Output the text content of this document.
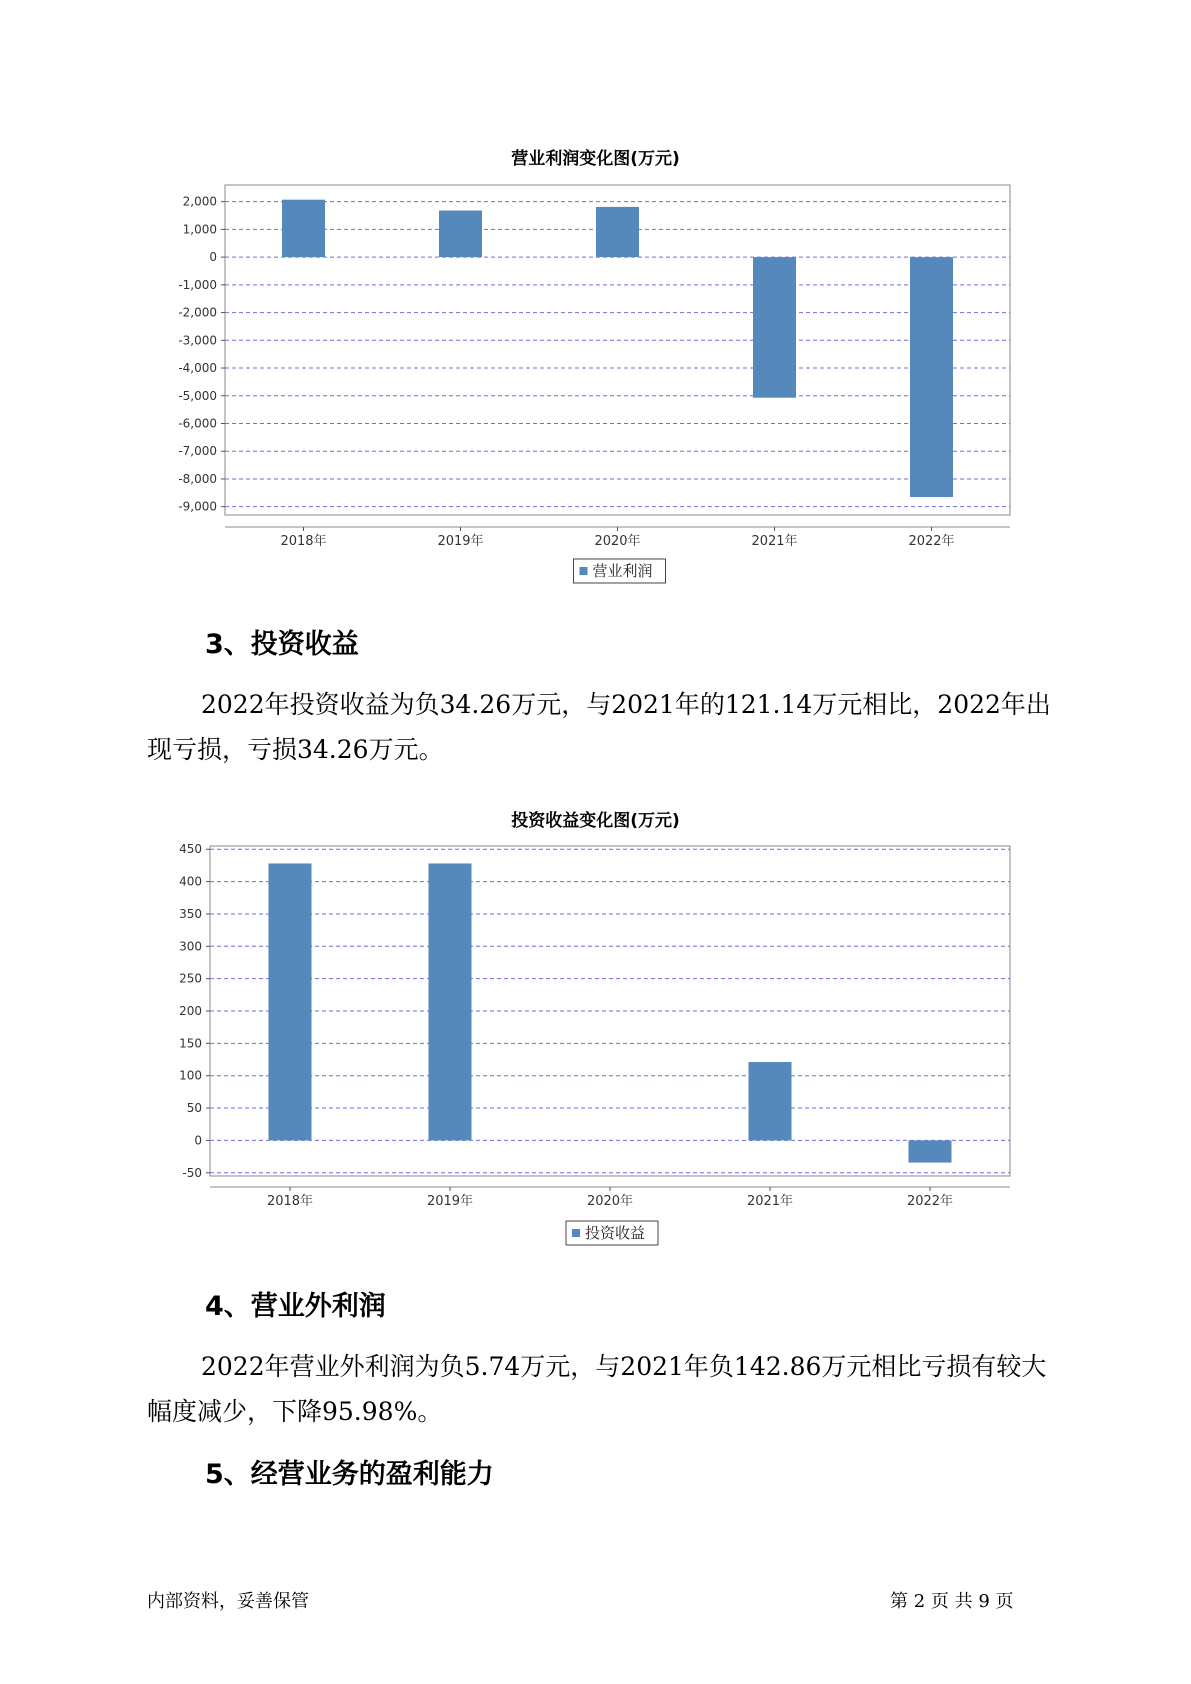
营业利润变化图(万元)
2,000
1,000
0
-1,000
-2,000
-3,000
-4,000
-5,000
-6,000
-7,000
-8,000
-9,000
2018年	2019年	2020年	2021年	2022年
营业利润
3、投资收益

2022年投资收益为负34.26万元，与2021年的121.14万元相比，2022年出现亏损，亏损34.26万元。

投资收益变化图(万元)
450
400
350
300
250
200
150
100
50
0
-50
2018年	2019年	2020年	2021年	2022年
投资收益
4、营业外利润

2022年营业外利润为负5.74万元，与2021年负142.86万元相比亏损有较大幅度减少，下降95.98%。

5、经营业务的盈利能力
内部资料，妥善保管	第 2 页 共 9 页
